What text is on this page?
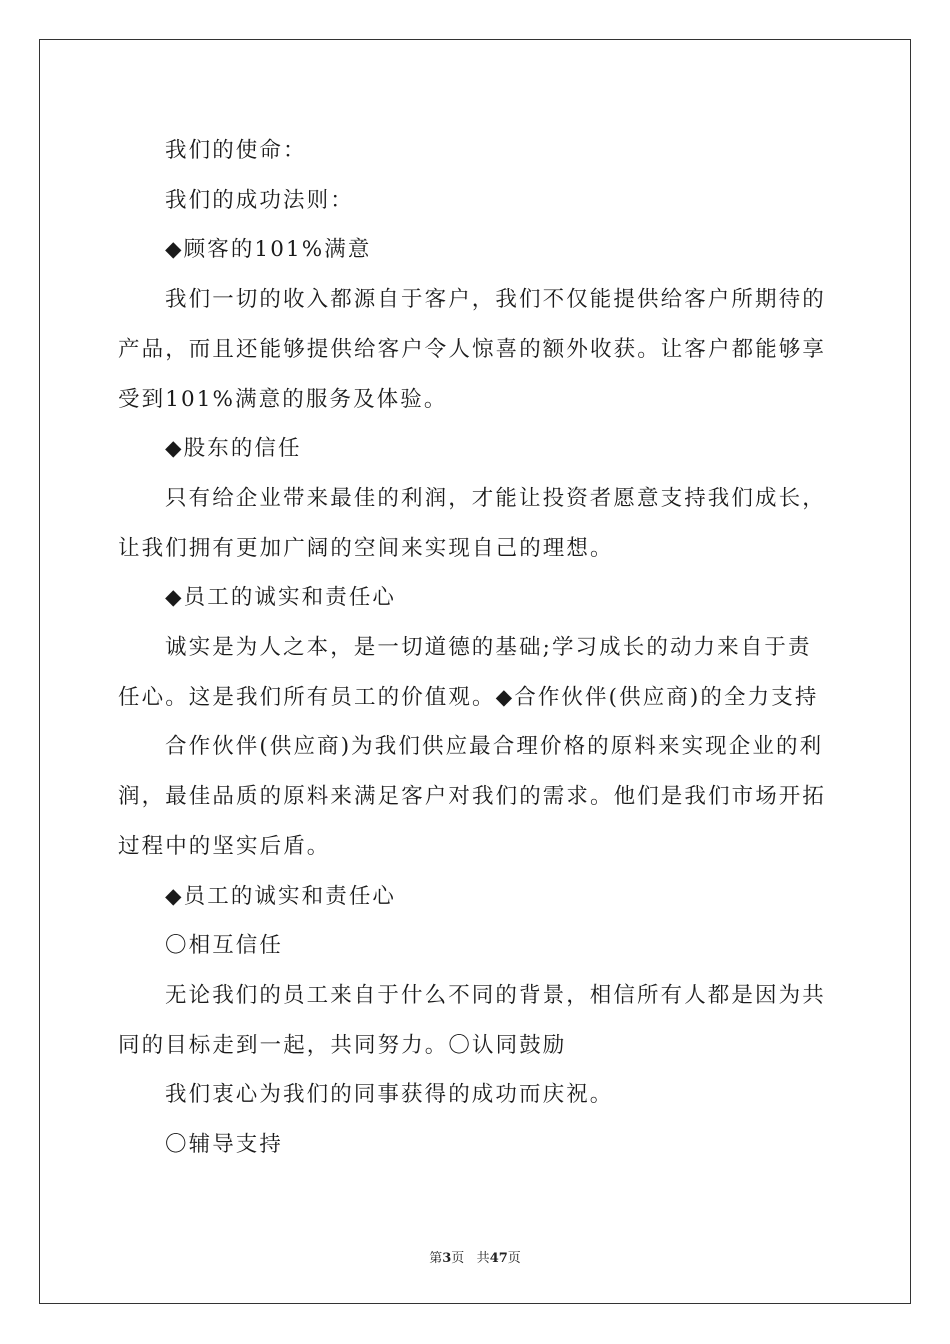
我们的使命：

我们的成功法则：

◆顾客的101%满意

我们一切的收入都源自于客户，我们不仅能提供给客户所期待的

产品，而且还能够提供给客户令人惊喜的额外收获。让客户都能够享

受到101%满意的服务及体验。

◆股东的信任

只有给企业带来最佳的利润，才能让投资者愿意支持我们成长，

让我们拥有更加广阔的空间来实现自己的理想。

◆员工的诚实和责任心

诚实是为人之本，是一切道德的基础;学习成长的动力来自于责

任心。这是我们所有员工的价值观。◆合作伙伴(供应商)的全力支持

合作伙伴(供应商)为我们供应最合理价格的原料来实现企业的利

润，最佳品质的原料来满足客户对我们的需求。他们是我们市场开拓

过程中的坚实后盾。

◆员工的诚实和责任心

〇相互信任

无论我们的员工来自于什么不同的背景，相信所有人都是因为共

同的目标走到一起，共同努力。〇认同鼓励

我们衷心为我们的同事获得的成功而庆祝。

〇辅导支持

第3页 共47页
